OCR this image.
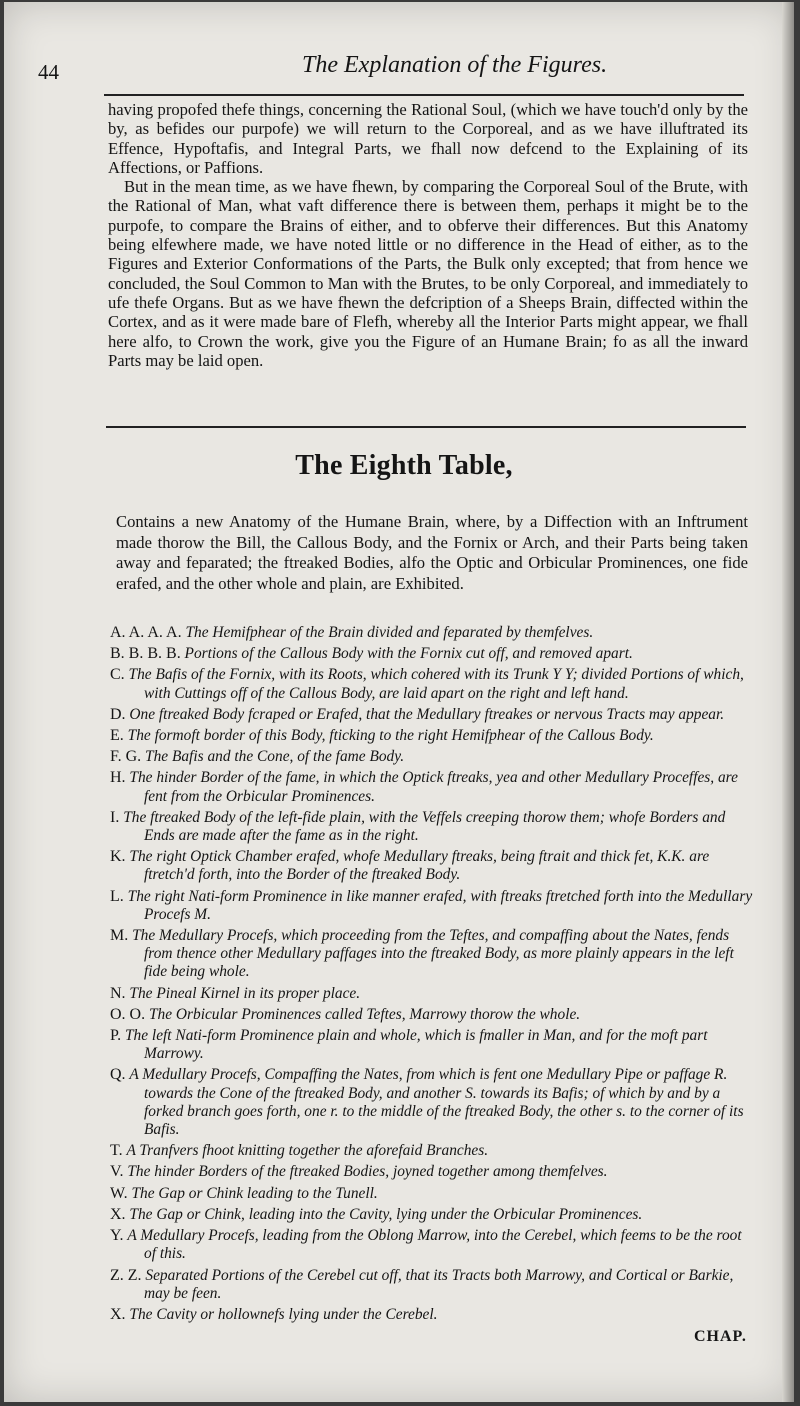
44	The Explanation of the Figures.

having propofed thefe things, concerning the Rational Soul, (which we have touch'd only by the by, as befides our purpofe) we will return to the Corporeal, and as we have illuftrated its Effence, Hypoftafis, and Integral Parts, we fhall now defcend to the Explaining of its Affections, or Paffions.

But in the mean time, as we have fhewn, by comparing the Corporeal Soul of the Brute, with the Rational of Man, what vaft difference there is between them, perhaps it might be to the purpofe, to compare the Brains of either, and to obferve their differences. But this Anatomy being elfewhere made, we have noted little or no difference in the Head of either, as to the Figures and Exterior Conformations of the Parts, the Bulk only excepted; that from hence we concluded, the Soul Common to Man with the Brutes, to be only Corporeal, and immediately to ufe thefe Organs. But as we have fhewn the defcription of a Sheeps Brain, diffected within the Cortex, and as it were made bare of Flefh, whereby all the Interior Parts might appear, we fhall here alfo, to Crown the work, give you the Figure of an Humane Brain; fo as all the inward Parts may be laid open.

The Eighth Table,

Contains a new Anatomy of the Humane Brain, where, by a Diffection with an Inftrument made thorow the Bill, the Callous Body, and the Fornix or Arch, and their Parts being taken away and feparated; the ftreaked Bodies, alfo the Optic and Orbicular Prominences, one fide erafed, and the other whole and plain, are Exhibited.

A. A. A. A. The Hemifphear of the Brain divided and feparated by themfelves.
B. B. B. B. Portions of the Callous Body with the Fornix cut off, and removed apart.
C. The Bafis of the Fornix, with its Roots, which cohered with its Trunk Y Y; divided Portions of which, with Cuttings off of the Callous Body, are laid apart on the right and left hand.
D. One ftreaked Body fcraped or Erafed, that the Medullary ftreakes or nervous Tracts may appear.
E. The formoft border of this Body, fticking to the right Hemifphear of the Callous Body.
F. G. The Bafis and the Cone, of the fame Body.
H. The hinder Border of the fame, in which the Optick ftreaks, yea and other Medullary Proceffes, are fent from the Orbicular Prominences.
I. The ftreaked Body of the left-fide plain, with the Veffels creeping thorow them; whofe Borders and Ends are made after the fame as in the right.
K. The right Optick Chamber erafed, whofe Medullary ftreaks, being ftrait and thick fet, K.K. are ftretch'd forth, into the Border of the ftreaked Body.
L. The right Nati-form Prominence in like manner erafed, with ftreaks ftretched forth into the Medullary Procefs M.
M. The Medullary Procefs, which proceeding from the Teftes, and compaffing about the Nates, fends from thence other Medullary paffages into the ftreaked Body, as more plainly appears in the left fide being whole.
N. The Pineal Kirnel in its proper place.
O. O. The Orbicular Prominences called Teftes, Marrowy thorow the whole.
P. The left Nati-form Prominence plain and whole, which is fmaller in Man, and for the moft part Marrowy.
Q. A Medullary Procefs, Compaffing the Nates, from which is fent one Medullary Pipe or paffage R. towards the Cone of the ftreaked Body, and another S. towards its Bafis; of which by and by a forked branch goes forth, one r. to the middle of the ftreaked Body, the other s. to the corner of its Bafis.
T. A Tranfvers fhoot knitting together the aforefaid Branches.
V. The hinder Borders of the ftreaked Bodies, joyned together among themfelves.
W. The Gap or Chink leading to the Tunell.
X. The Gap or Chink, leading into the Cavity, lying under the Orbicular Prominences.
Y. A Medullary Procefs, leading from the Oblong Marrow, into the Cerebel, which feems to be the root of this.
Z. Z. Separated Portions of the Cerebel cut off, that its Tracts both Marrowy, and Cortical or Barkie, may be feen.
X. The Cavity or hollownefs lying under the Cerebel.
CHAP.
